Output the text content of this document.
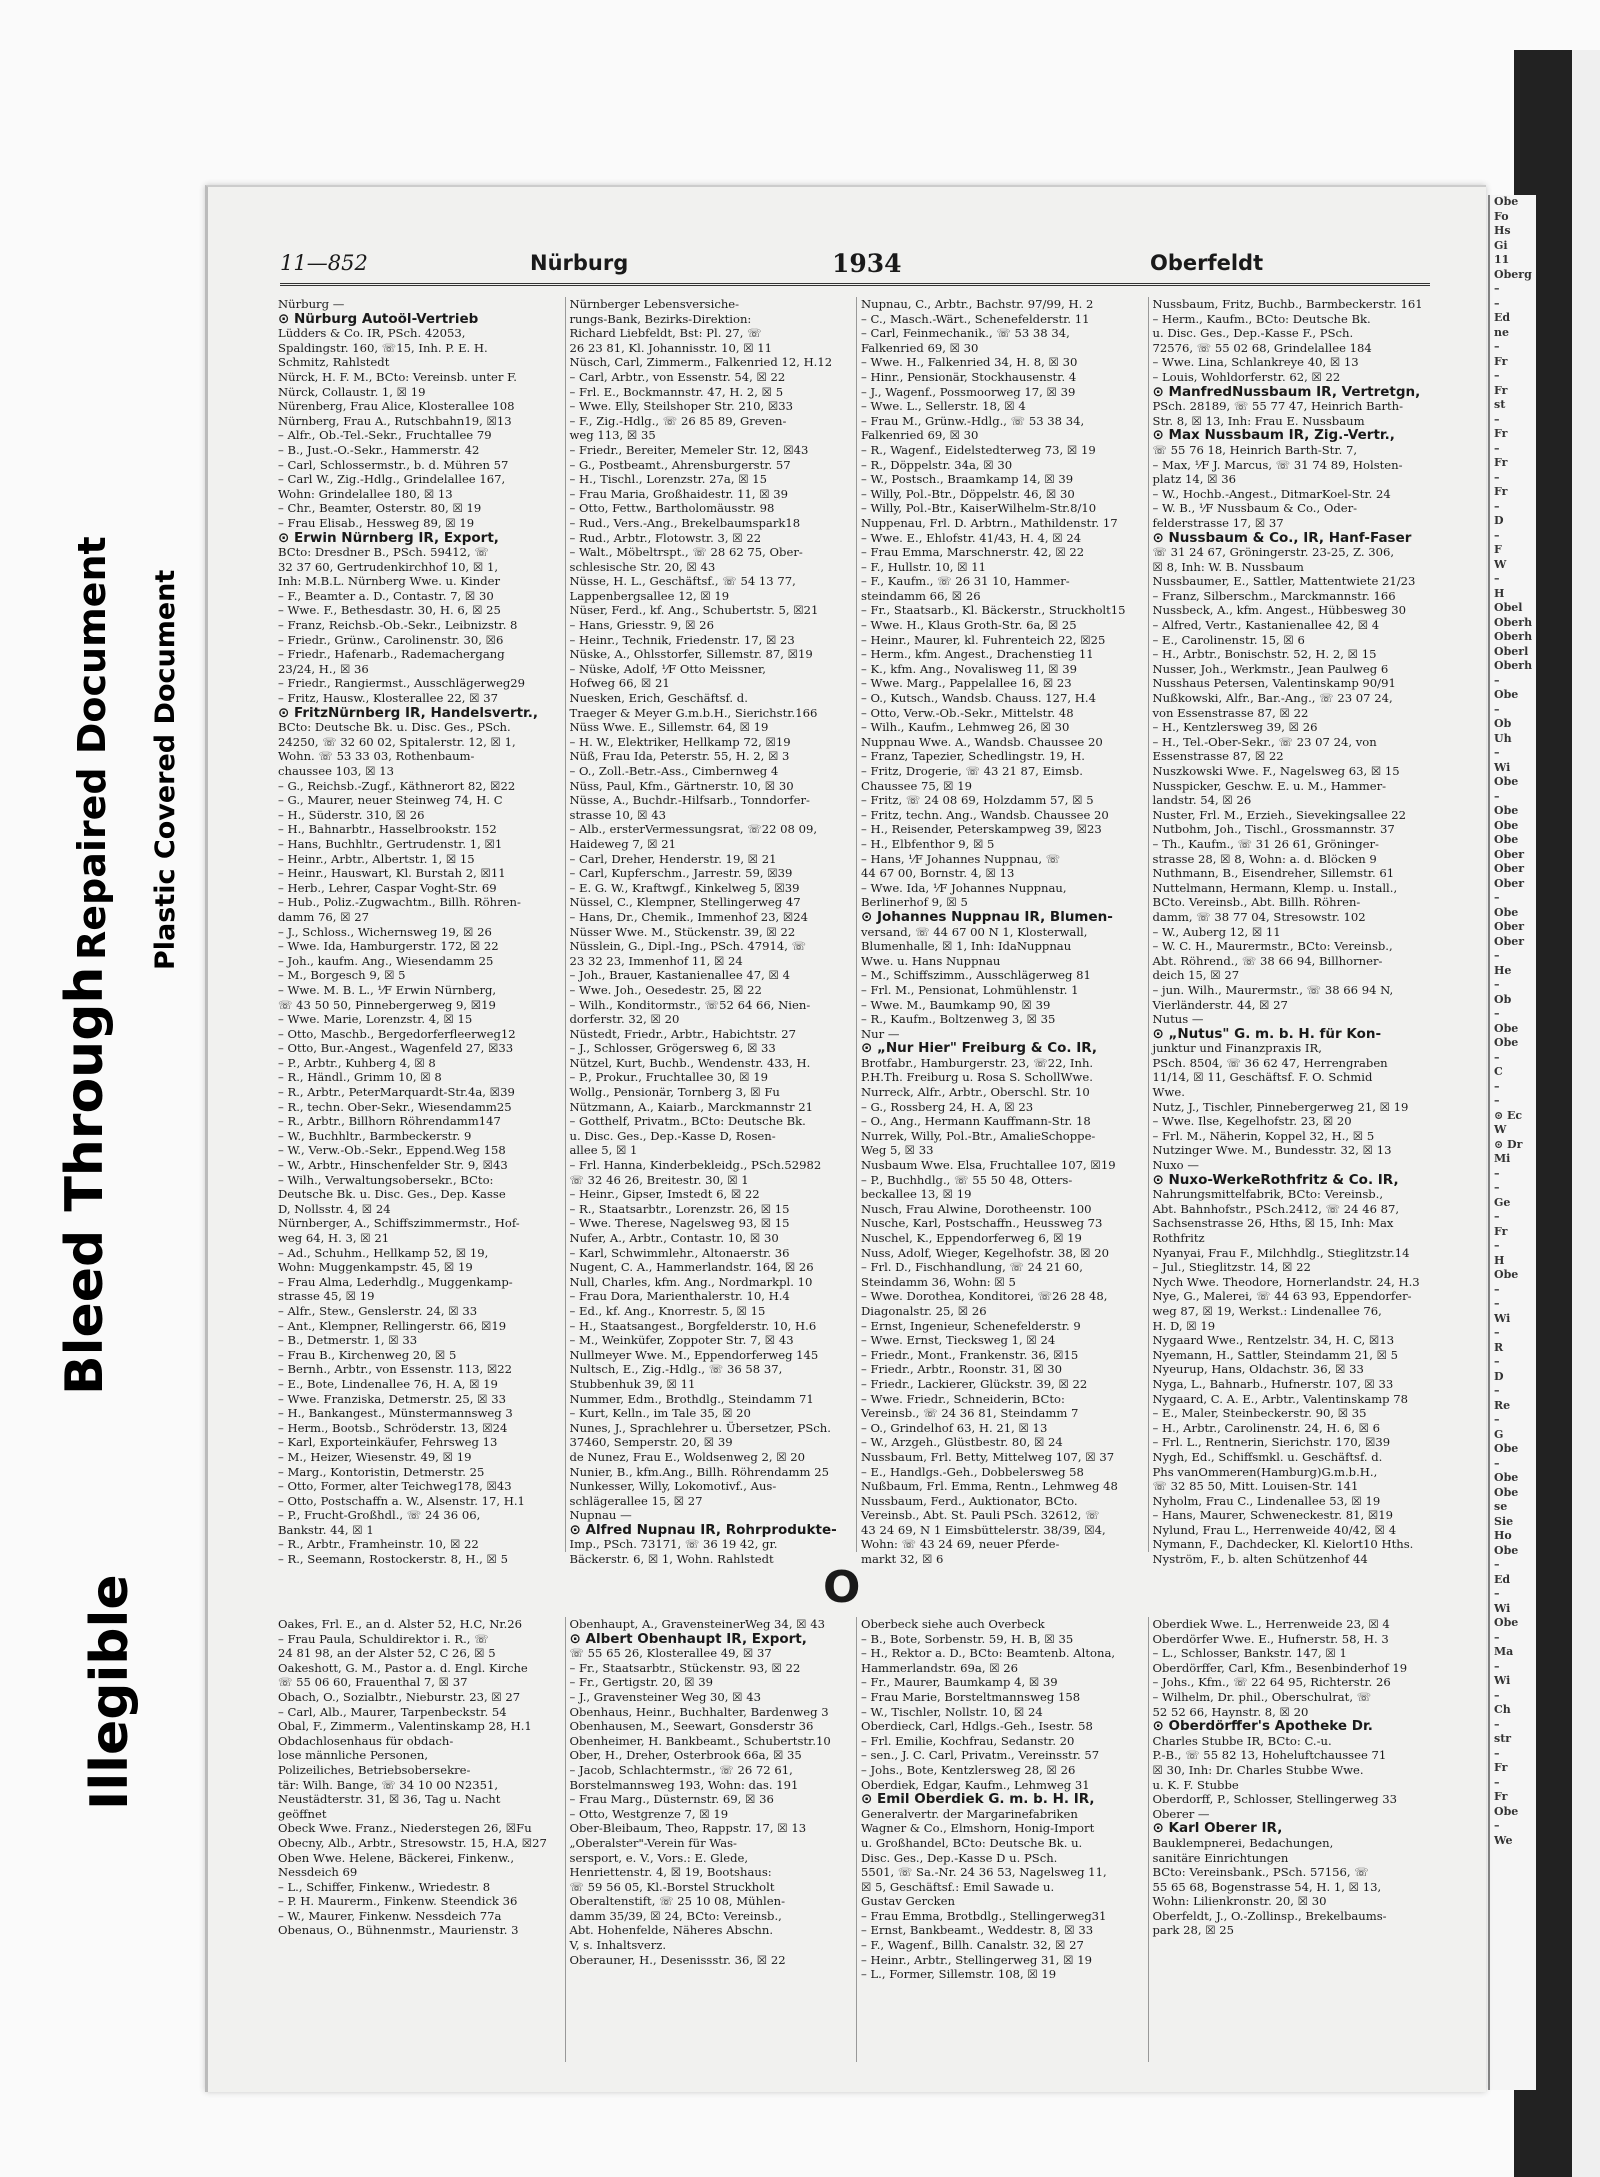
Bleed Through
Repaired Document Plastic Covered Document
Illegible
Obe
Fo
Hs
Gi
11
Oberg
–
–
Ed
ne
–
Fr
–
Fr
st
–
Fr
–
Fr
–
Fr
–
D
–
F
W
–
H
Obel
Oberh
Oberh
Oberl
Oberh
–
Obe
–
Ob
Uh
–
Wi
Obe
–
Obe
Obe
Obe
Ober
Ober
Ober
–
Obe
Ober
Ober
–
He
–
Ob
–
Obe
Obe
–
C
–
–
⊙ Ec
W
⊙ Dr
Mi
–
–
Ge
–
Fr
–
H
Obe
–
–
Wi
–
R
–
D
–
Re
–
G
Obe
–
Obe
Obe
se
Sie
Ho
Obe
–
Ed
–
Wi
Obe
–
Ma
–
Wi
–
Ch
–
str
–
Fr
–
Fr
Obe
–
We
11—852	Nürburg	1934	Oberfeldt
Nürburg —
⊙ Nürburg Autoöl-Vertrieb
Lüdders & Co. IR, PSch. 42053,
Spaldingstr. 160, ☏15, Inh. P. E. H.
Schmitz, Rahlstedt
Nürck, H. F. M., BCto: Vereinsb. unter F.
Nürck, Collaustr. 1, ☒ 19
Nürenberg, Frau Alice, Klosterallee 108
Nürnberg, Frau A., Rutschbahn19, ☒13
– Alfr., Ob.-Tel.-Sekr., Fruchtallee 79
– B., Just.-O.-Sekr., Hammerstr. 42
– Carl, Schlossermstr., b. d. Mühren 57
– Carl W., Zig.-Hdlg., Grindelallee 167,
Wohn: Grindelallee 180, ☒ 13
– Chr., Beamter, Osterstr. 80, ☒ 19
– Frau Elisab., Hessweg 89, ☒ 19
⊙ Erwin Nürnberg IR, Export,
BCto: Dresdner B., PSch. 59412, ☏
32 37 60, Gertrudenkirchhof 10, ☒ 1,
Inh: M.B.L. Nürnberg Wwe. u. Kinder
– F., Beamter a. D., Contastr. 7, ☒ 30
– Wwe. F., Bethesdastr. 30, H. 6, ☒ 25
– Franz, Reichsb.-Ob.-Sekr., Leibnizstr. 8
– Friedr., Grünw., Carolinenstr. 30, ☒6
– Friedr., Hafenarb., Rademachergang
23/24, H., ☒ 36
– Friedr., Rangiermst., Ausschlägerweg29
– Fritz, Hausw., Klosterallee 22, ☒ 37
⊙ FritzNürnberg IR, Handelsvertr.,
BCto: Deutsche Bk. u. Disc. Ges., PSch.
24250, ☏ 32 60 02, Spitalerstr. 12, ☒ 1,
Wohn. ☏ 53 33 03, Rothenbaum-
chaussee 103, ☒ 13
– G., Reichsb.-Zugf., Käthnerort 82, ☒22
– G., Maurer, neuer Steinweg 74, H. C
– H., Süderstr. 310, ☒ 26
– H., Bahnarbtr., Hasselbrookstr. 152
– Hans, Buchhltr., Gertrudenstr. 1, ☒1
– Heinr., Arbtr., Albertstr. 1, ☒ 15
– Heinr., Hauswart, Kl. Burstah 2, ☒11
– Herb., Lehrer, Caspar Voght-Str. 69
– Hub., Poliz.-Zugwachtm., Billh. Röhren-
damm 76, ☒ 27
– J., Schloss., Wichernsweg 19, ☒ 26
– Wwe. Ida, Hamburgerstr. 172, ☒ 22
– Joh., kaufm. Ang., Wiesendamm 25
– M., Borgesch 9, ☒ 5
– Wwe. M. B. L., ⅟F Erwin Nürnberg,
☏ 43 50 50, Pinnebergerweg 9, ☒19
– Wwe. Marie, Lorenzstr. 4, ☒ 15
– Otto, Maschb., Bergedorferfleerweg12
– Otto, Bur.-Angest., Wagenfeld 27, ☒33
– P., Arbtr., Kuhberg 4, ☒ 8
– R., Händl., Grimm 10, ☒ 8
– R., Arbtr., PeterMarquardt-Str.4a, ☒39
– R., techn. Ober-Sekr., Wiesendamm25
– R., Arbtr., Billhorn Röhrendamm147
– W., Buchhltr., Barmbeckerstr. 9
– W., Verw.-Ob.-Sekr., Eppend.Weg 158
– W., Arbtr., Hinschenfelder Str. 9, ☒43
– Wilh., Verwaltungsobersekr., BCto:
Deutsche Bk. u. Disc. Ges., Dep. Kasse
D, Nollsstr. 4, ☒ 24
Nürnberger, A., Schiffszimmermstr., Hof-
weg 64, H. 3, ☒ 21
– Ad., Schuhm., Hellkamp 52, ☒ 19,
Wohn: Muggenkampstr. 45, ☒ 19
– Frau Alma, Lederhdlg., Muggenkamp-
strasse 45, ☒ 19
– Alfr., Stew., Genslerstr. 24, ☒ 33
– Ant., Klempner, Rellingerstr. 66, ☒19
– B., Detmerstr. 1, ☒ 33
– Frau B., Kirchenweg 20, ☒ 5
– Bernh., Arbtr., von Essenstr. 113, ☒22
– E., Bote, Lindenallee 76, H. A, ☒ 19
– Wwe. Franziska, Detmerstr. 25, ☒ 33
– H., Bankangest., Münstermannsweg 3
– Herm., Bootsb., Schröderstr. 13, ☒24
– Karl, Exporteinkäufer, Fehrsweg 13
– M., Heizer, Wiesenstr. 49, ☒ 19
– Marg., Kontoristin, Detmerstr. 25
– Otto, Former, alter Teichweg178, ☒43
– Otto, Postschaffn a. W., Alsenstr. 17, H.1
– P., Frucht-Großhdl., ☏ 24 36 06,
Bankstr. 44, ☒ 1
– R., Arbtr., Framheinstr. 10, ☒ 22
– R., Seemann, Rostockerstr. 8, H., ☒ 5
Nürnberger Lebensversiche-
rungs-Bank, Bezirks-Direktion:
Richard Liebfeldt, Bst: Pl. 27, ☏
26 23 81, Kl. Johannisstr. 10, ☒ 11
Nüsch, Carl, Zimmerm., Falkenried 12, H.12
– Carl, Arbtr., von Essenstr. 54, ☒ 22
– Frl. E., Bockmannstr. 47, H. 2, ☒ 5
– Wwe. Elly, Steilshoper Str. 210, ☒33
– F., Zig.-Hdlg., ☏ 26 85 89, Greven-
weg 113, ☒ 35
– Friedr., Bereiter, Memeler Str. 12, ☒43
– G., Postbeamt., Ahrensburgerstr. 57
– H., Tischl., Lorenzstr. 27a, ☒ 15
– Frau Maria, Großhaidestr. 11, ☒ 39
– Otto, Fettw., Bartholomäusstr. 98
– Rud., Vers.-Ang., Brekelbaumspark18
– Rud., Arbtr., Flotowstr. 3, ☒ 22
– Walt., Möbeltrspt., ☏ 28 62 75, Ober-
schlesische Str. 20, ☒ 43
Nüsse, H. L., Geschäftsf., ☏ 54 13 77,
Lappenbergsallee 12, ☒ 19
Nüser, Ferd., kf. Ang., Schubertstr. 5, ☒21
– Hans, Griesstr. 9, ☒ 26
– Heinr., Technik, Friedenstr. 17, ☒ 23
Nüske, A., Ohlsstorfer, Sillemstr. 87, ☒19
– Nüske, Adolf, ⅟F Otto Meissner,
Hofweg 66, ☒ 21
Nuesken, Erich, Geschäftsf. d.
Traeger & Meyer G.m.b.H., Sierichstr.166
Nüss Wwe. E., Sillemstr. 64, ☒ 19
– H. W., Elektriker, Hellkamp 72, ☒19
Nüß, Frau Ida, Peterstr. 55, H. 2, ☒ 3
– O., Zoll.-Betr.-Ass., Cimbernweg 4
Nüss, Paul, Kfm., Gärtnerstr. 10, ☒ 30
Nüsse, A., Buchdr.-Hilfsarb., Tonndorfer-
strasse 10, ☒ 43
– Alb., ersterVermessungsrat, ☏22 08 09,
Haideweg 7, ☒ 21
– Carl, Dreher, Henderstr. 19, ☒ 21
– Carl, Kupferschm., Jarrestr. 59, ☒39
– E. G. W., Kraftwgf., Kinkelweg 5, ☒39
Nüssel, C., Klempner, Stellingerweg 47
– Hans, Dr., Chemik., Immenhof 23, ☒24
Nüsser Wwe. M., Stückenstr. 39, ☒ 22
Nüsslein, G., Dipl.-Ing., PSch. 47914, ☏
23 32 23, Immenhof 11, ☒ 24
– Joh., Brauer, Kastanienallee 47, ☒ 4
– Wwe. Joh., Oesedestr. 25, ☒ 22
– Wilh., Konditormstr., ☏52 64 66, Nien-
dorferstr. 32, ☒ 20
Nüstedt, Friedr., Arbtr., Habichtstr. 27
– J., Schlosser, Grögersweg 6, ☒ 33
Nützel, Kurt, Buchb., Wendenstr. 433, H.
– P., Prokur., Fruchtallee 30, ☒ 19
Wollg., Pensionär, Tornberg 3, ☒ Fu
Nützmann, A., Kaiarb., Marckmannstr 21
– Gotthelf, Privatm., BCto: Deutsche Bk.
u. Disc. Ges., Dep.-Kasse D, Rosen-
allee 5, ☒ 1
– Frl. Hanna, Kinderbekleidg., PSch.52982
☏ 32 46 26, Breitestr. 30, ☒ 1
– Heinr., Gipser, Imstedt 6, ☒ 22
– R., Staatsarbtr., Lorenzstr. 26, ☒ 15
– Wwe. Therese, Nagelsweg 93, ☒ 15
Nufer, A., Arbtr., Contastr. 10, ☒ 30
– Karl, Schwimmlehr., Altonaerstr. 36
Nugent, C. A., Hammerlandstr. 164, ☒ 26
Null, Charles, kfm. Ang., Nordmarkpl. 10
– Frau Dora, Marienthalerstr. 10, H.4
– Ed., kf. Ang., Knorrestr. 5, ☒ 15
– H., Staatsangest., Borgfelderstr. 10, H.6
– M., Weinküfer, Zoppoter Str. 7, ☒ 43
Nullmeyer Wwe. M., Eppendorferweg 145
Nultsch, E., Zig.-Hdlg., ☏ 36 58 37,
Stubbenhuk 39, ☒ 11
Nummer, Edm., Brothdlg., Steindamm 71
– Kurt, Kelln., im Tale 35, ☒ 20
Nunes, J., Sprachlehrer u. Übersetzer, PSch.
37460, Semperstr. 20, ☒ 39
de Nunez, Frau E., Woldsenweg 2, ☒ 20
Nunier, B., kfm.Ang., Billh. Röhrendamm 25
Nunkesser, Willy, Lokomotivf., Aus-
schlägerallee 15, ☒ 27
Nupnau —
⊙ Alfred Nupnau IR, Rohrprodukte-
Imp., PSch. 73171, ☏ 36 19 42, gr.
Bäckerstr. 6, ☒ 1, Wohn. Rahlstedt
Nupnau, C., Arbtr., Bachstr. 97/99, H. 2
– C., Masch.-Wärt., Schenefelderstr. 11
– Carl, Feinmechanik., ☏ 53 38 34,
Falkenried 69, ☒ 30
– Wwe. H., Falkenried 34, H. 8, ☒ 30
– Hinr., Pensionär, Stockhausenstr. 4
– J., Wagenf., Possmoorweg 17, ☒ 39
– Wwe. L., Sellerstr. 18, ☒ 4
– Frau M., Grünw.-Hdlg., ☏ 53 38 34,
Falkenried 69, ☒ 30
– R., Wagenf., Eidelstedterweg 73, ☒ 19
– R., Döppelstr. 34a, ☒ 30
– W., Postsch., Braamkamp 14, ☒ 39
– Willy, Pol.-Btr., Döppelstr. 46, ☒ 30
– Willy, Pol.-Btr., KaiserWilhelm-Str.8/10
Nuppenau, Frl. D. Arbtrn., Mathildenstr. 17
– Wwe. E., Ehlofstr. 41/43, H. 4, ☒ 24
– Frau Emma, Marschnerstr. 42, ☒ 22
– F., Hullstr. 10, ☒ 11
– F., Kaufm., ☏ 26 31 10, Hammer-
steindamm 66, ☒ 26
– Fr., Staatsarb., Kl. Bäckerstr., Struckholt15
– Wwe. H., Klaus Groth-Str. 6a, ☒ 25
– Heinr., Maurer, kl. Fuhrenteich 22, ☒25
– Herm., kfm. Angest., Drachenstieg 11
– K., kfm. Ang., Novalisweg 11, ☒ 39
– Wwe. Marg., Pappelallee 16, ☒ 23
– O., Kutsch., Wandsb. Chauss. 127, H.4
– Otto, Verw.-Ob.-Sekr., Mittelstr. 48
– Wilh., Kaufm., Lehmweg 26, ☒ 30
Nuppnau Wwe. A., Wandsb. Chaussee 20
– Franz, Tapezier, Schedlingstr. 19, H.
– Fritz, Drogerie, ☏ 43 21 87, Eimsb.
Chaussee 75, ☒ 19
– Fritz, ☏ 24 08 69, Holzdamm 57, ☒ 5
– Fritz, techn. Ang., Wandsb. Chaussee 20
– H., Reisender, Peterskampweg 39, ☒23
– H., Elbfenthor 9, ☒ 5
– Hans, ⅟F Johannes Nuppnau, ☏
44 67 00, Bornstr. 4, ☒ 13
– Wwe. Ida, ⅟F Johannes Nuppnau,
Berlinerhof 9, ☒ 5
⊙ Johannes Nuppnau IR, Blumen-
versand, ☏ 44 67 00 N 1, Klosterwall,
Blumenhalle, ☒ 1, Inh: IdaNuppnau
Wwe. u. Hans Nuppnau
– M., Schiffszimm., Ausschlägerweg 81
– Frl. M., Pensionat, Lohmühlenstr. 1
– Wwe. M., Baumkamp 90, ☒ 39
– R., Kaufm., Boltzenweg 3, ☒ 35
Nur —
⊙ „Nur Hier" Freiburg & Co. IR,
Brotfabr., Hamburgerstr. 23, ☏22, Inh.
P.H.Th. Freiburg u. Rosa S. SchollWwe.
Nurreck, Alfr., Arbtr., Oberschl. Str. 10
– G., Rossberg 24, H. A, ☒ 23
– O., Ang., Hermann Kauffmann-Str. 18
Nurrek, Willy, Pol.-Btr., AmalieSchoppe-
Weg 5, ☒ 33
Nusbaum Wwe. Elsa, Fruchtallee 107, ☒19
– P., Buchhdlg., ☏ 55 50 48, Otters-
beckallee 13, ☒ 19
Nusch, Frau Alwine, Dorotheenstr. 100
Nusche, Karl, Postschaffn., Heussweg 73
Nuschel, K., Eppendorferweg 6, ☒ 19
Nuss, Adolf, Wieger, Kegelhofstr. 38, ☒ 20
– Frl. D., Fischhandlung, ☏ 24 21 60,
Steindamm 36, Wohn: ☒ 5
– Wwe. Dorothea, Konditorei, ☏26 28 48,
Diagonalstr. 25, ☒ 26
– Ernst, Ingenieur, Schenefelderstr. 9
– Wwe. Ernst, Tiecksweg 1, ☒ 24
– Friedr., Mont., Frankenstr. 36, ☒15
– Friedr., Arbtr., Roonstr. 31, ☒ 30
– Friedr., Lackierer, Glückstr. 39, ☒ 22
– Wwe. Friedr., Schneiderin, BCto:
Vereinsb., ☏ 24 36 81, Steindamm 7
– O., Grindelhof 63, H. 21, ☒ 13
– W., Arzgeh., Glüstbestr. 80, ☒ 24
Nussbaum, Frl. Betty, Mittelweg 107, ☒ 37
– E., Handlgs.-Geh., Dobbelersweg 58
Nußbaum, Frl. Emma, Rentn., Lehmweg 48
Nussbaum, Ferd., Auktionator, BCto.
Vereinsb., Abt. St. Pauli PSch. 32612, ☏
43 24 69, N 1 Eimsbüttelerstr. 38/39, ☒4,
Wohn: ☏ 43 24 69, neuer Pferde-
markt 32, ☒ 6
Nussbaum, Fritz, Buchb., Barmbeckerstr. 161
– Herm., Kaufm., BCto: Deutsche Bk.
u. Disc. Ges., Dep.-Kasse F., PSch.
72576, ☏ 55 02 68, Grindelallee 184
– Wwe. Lina, Schlankreye 40, ☒ 13
– Louis, Wohldorferstr. 62, ☒ 22
⊙ ManfredNussbaum IR, Vertretgn,
PSch. 28189, ☏ 55 77 47, Heinrich Barth-
Str. 8, ☒ 13, Inh: Frau E. Nussbaum
⊙ Max Nussbaum IR, Zig.-Vertr.,
☏ 55 76 18, Heinrich Barth-Str. 7,
– Max, ⅟F J. Marcus, ☏ 31 74 89, Holsten-
platz 14, ☒ 36
– W., Hochb.-Angest., DitmarKoel-Str. 24
– W. B., ⅟F Nussbaum & Co., Oder-
felderstrasse 17, ☒ 37
⊙ Nussbaum & Co., IR, Hanf-Faser
☏ 31 24 67, Gröningerstr. 23-25, Z. 306,
☒ 8, Inh: W. B. Nussbaum
Nussbaumer, E., Sattler, Mattentwiete 21/23
– Franz, Silberschm., Marckmannstr. 166
Nussbeck, A., kfm. Angest., Hübbesweg 30
– Alfred, Vertr., Kastanienallee 42, ☒ 4
– E., Carolinenstr. 15, ☒ 6
– H., Arbtr., Bonischstr. 52, H. 2, ☒ 15
Nusser, Joh., Werkmstr., Jean Paulweg 6
Nusshaus Petersen, Valentinskamp 90/91
Nußkowski, Alfr., Bar.-Ang., ☏ 23 07 24,
von Essenstrasse 87, ☒ 22
– H., Kentzlersweg 39, ☒ 26
– H., Tel.-Ober-Sekr., ☏ 23 07 24, von
Essenstrasse 87, ☒ 22
Nuszkowski Wwe. F., Nagelsweg 63, ☒ 15
Nusspicker, Geschw. E. u. M., Hammer-
landstr. 54, ☒ 26
Nuster, Frl. M., Erzieh., Sievekingsallee 22
Nutbohm, Joh., Tischl., Grossmannstr. 37
– Th., Kaufm., ☏ 31 26 61, Gröninger-
strasse 28, ☒ 8, Wohn: a. d. Blöcken 9
Nuthmann, B., Eisendreher, Sillemstr. 61
Nuttelmann, Hermann, Klemp. u. Install.,
BCto. Vereinsb., Abt. Billh. Röhren-
damm, ☏ 38 77 04, Stresowstr. 102
– W., Auberg 12, ☒ 11
– W. C. H., Maurermstr., BCto: Vereinsb.,
Abt. Röhrend., ☏ 38 66 94, Billhorner-
deich 15, ☒ 27
– jun. Wilh., Maurermstr., ☏ 38 66 94 N,
Vierländerstr. 44, ☒ 27
Nutus —
⊙ „Nutus" G. m. b. H. für Kon-
junktur und Finanzpraxis IR,
PSch. 8504, ☏ 36 62 47, Herrengraben
11/14, ☒ 11, Geschäftsf. F. O. Schmid
Wwe.
Nutz, J., Tischler, Pinnebergerweg 21, ☒ 19
– Wwe. Ilse, Kegelhofstr. 23, ☒ 20
– Frl. M., Näherin, Koppel 32, H., ☒ 5
Nutzinger Wwe. M., Bundesstr. 32, ☒ 13
Nuxo —
⊙ Nuxo-WerkeRothfritz & Co. IR,
Nahrungsmittelfabrik, BCto: Vereinsb.,
Abt. Bahnhofstr., PSch.2412, ☏ 24 46 87,
Sachsenstrasse 26, Hths, ☒ 15, Inh: Max
Rothfritz
Nyanyai, Frau F., Milchhdlg., Stieglitzstr.14
– Jul., Stieglitzstr. 14, ☒ 22
Nych Wwe. Theodore, Hornerlandstr. 24, H.3
Nye, G., Malerei, ☏ 44 63 93, Eppendorfer-
weg 87, ☒ 19, Werkst.: Lindenallee 76,
H. D, ☒ 19
Nygaard Wwe., Rentzelstr. 34, H. C, ☒13
Nyemann, H., Sattler, Steindamm 21, ☒ 5
Nyeurup, Hans, Oldachstr. 36, ☒ 33
Nyga, L., Bahnarb., Hufnerstr. 107, ☒ 33
Nygaard, C. A. E., Arbtr., Valentinskamp 78
– E., Maler, Steinbeckerstr. 90, ☒ 35
– H., Arbtr., Carolinenstr. 24, H. 6, ☒ 6
– Frl. L., Rentnerin, Sierichstr. 170, ☒39
Nygh, Ed., Schiffsmkl. u. Geschäftsf. d.
Phs vanOmmeren(Hamburg)G.m.b.H.,
☏ 32 85 50, Mitt. Louisen-Str. 141
Nyholm, Frau C., Lindenallee 53, ☒ 19
– Hans, Maurer, Schweneckestr. 81, ☒19
Nylund, Frau L., Herrenweide 40/42, ☒ 4
Nymann, F., Dachdecker, Kl. Kielort10 Hths.
Nyström, F., b. alten Schützenhof 44
O
Oakes, Frl. E., an d. Alster 52, H.C, Nr.26
– Frau Paula, Schuldirektor i. R., ☏
24 81 98, an der Alster 52, C 26, ☒ 5
Oakeshott, G. M., Pastor a. d. Engl. Kirche
☏ 55 06 60, Frauenthal 7, ☒ 37
Obach, O., Sozialbtr., Nieburstr. 23, ☒ 27
– Carl, Alb., Maurer, Tarpenbeckstr. 54
Obal, F., Zimmerm., Valentinskamp 28, H.1
Obdachlosenhaus für obdach-
lose männliche Personen,
Polizeiliches, Betriebsobersekre-
tär: Wilh. Bange, ☏ 34 10 00 N2351,
Neustädterstr. 31, ☒ 36, Tag u. Nacht
geöffnet
Obeck Wwe. Franz., Niederstegen 26, ☒Fu
Obecny, Alb., Arbtr., Stresowstr. 15, H.A, ☒27
Oben Wwe. Helene, Bäckerei, Finkenw.,
Nessdeich 69
– L., Schiffer, Finkenw., Wriedestr. 8
– P. H. Maurerm., Finkenw. Steendick 36
– W., Maurer, Finkenw. Nessdeich 77a
Obenaus, O., Bühnenmstr., Maurienstr. 3
Obenhaupt, A., GravensteinerWeg 34, ☒ 43
⊙ Albert Obenhaupt IR, Export,
☏ 55 65 26, Klosterallee 49, ☒ 37
– Fr., Staatsarbtr., Stückenstr. 93, ☒ 22
– Fr., Gertigstr. 20, ☒ 39
– J., Gravensteiner Weg 30, ☒ 43
Obenhaus, Heinr., Buchhalter, Bardenweg 3
Obenhausen, M., Seewart, Gonsderstr 36
Obenheimer, H. Bankbeamt., Schubertstr.10
Ober, H., Dreher, Osterbrook 66a, ☒ 35
– Jacob, Schlachtermstr., ☏ 26 72 61,
Borstelmannsweg 193, Wohn: das. 191
– Frau Marg., Düsternstr. 69, ☒ 36
– Otto, Westgrenze 7, ☒ 19
Ober-Bleibaum, Theo, Rappstr. 17, ☒ 13
„Oberalster"-Verein für Was-
sersport, e. V., Vors.: E. Glede,
Henriettenstr. 4, ☒ 19, Bootshaus:
☏ 59 56 05, Kl.-Borstel Struckholt
Oberaltenstift, ☏ 25 10 08, Mühlen-
damm 35/39, ☒ 24, BCto: Vereinsb.,
Abt. Hohenfelde, Näheres Abschn.
V, s. Inhaltsverz.
Oberauner, H., Desenissstr. 36, ☒ 22
Oberbeck siehe auch Overbeck
– B., Bote, Sorbenstr. 59, H. B, ☒ 35
– H., Rektor a. D., BCto: Beamtenb. Altona,
Hammerlandstr. 69a, ☒ 26
– Fr., Maurer, Baumkamp 4, ☒ 39
– Frau Marie, Borsteltmannsweg 158
– W., Tischler, Nollstr. 10, ☒ 24
Oberdieck, Carl, Hdlgs.-Geh., Isestr. 58
– Frl. Emilie, Kochfrau, Sedanstr. 20
– sen., J. C. Carl, Privatm., Vereinsstr. 57
– Johs., Bote, Kentzlersweg 28, ☒ 26
Oberdiek, Edgar, Kaufm., Lehmweg 31
⊙ Emil Oberdiek G. m. b. H. IR,
Generalvertr. der Margarinefabriken
Wagner & Co., Elmshorn, Honig-Import
u. Großhandel, BCto: Deutsche Bk. u.
Disc. Ges., Dep.-Kasse D u. PSch.
5501, ☏ Sa.-Nr. 24 36 53, Nagelsweg 11,
☒ 5, Geschäftsf.: Emil Sawade u.
Gustav Gercken
– Frau Emma, Brotbdlg., Stellingerweg31
– Ernst, Bankbeamt., Weddestr. 8, ☒ 33
– F., Wagenf., Billh. Canalstr. 32, ☒ 27
– Heinr., Arbtr., Stellingerweg 31, ☒ 19
– L., Former, Sillemstr. 108, ☒ 19
Oberdiek Wwe. L., Herrenweide 23, ☒ 4
Oberdörfer Wwe. E., Hufnerstr. 58, H. 3
– L., Schlosser, Bankstr. 147, ☒ 1
Oberdörffer, Carl, Kfm., Besenbinderhof 19
– Johs., Kfm., ☏ 22 64 95, Richterstr. 26
– Wilhelm, Dr. phil., Oberschulrat, ☏
52 52 66, Haynstr. 8, ☒ 20
⊙ Oberdörffer's Apotheke Dr.
Charles Stubbe IR, BCto: C.-u.
P.-B., ☏ 55 82 13, Hoheluftchaussee 71
☒ 30, Inh: Dr. Charles Stubbe Wwe.
u. K. F. Stubbe
Oberdorff, P., Schlosser, Stellingerweg 33
Oberer —
⊙ Karl Oberer IR,
Bauklempnerei, Bedachungen,
sanitäre Einrichtungen
BCto: Vereinsbank., PSch. 57156, ☏
55 65 68, Bogenstrasse 54, H. 1, ☒ 13,
Wohn: Lilienkronstr. 20, ☒ 30
Oberfeldt, J., O.-Zollinsp., Brekelbaums-
park 28, ☒ 25
